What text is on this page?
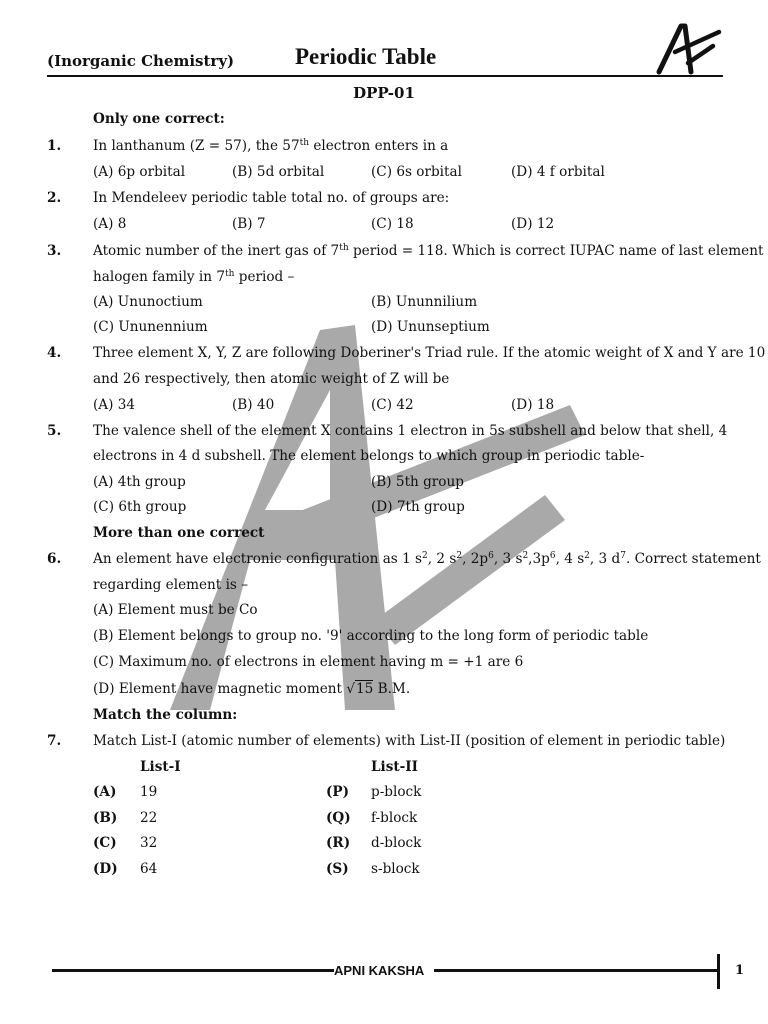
(Inorganic Chemistry)	Periodic Table
DPP-01
Only one correct:
1. In lanthanum (Z = 57), the 57th electron enters in a
(A) 6p orbital	(B) 5d orbital	(C) 6s orbital	(D) 4 f orbital
2. In Mendeleev periodic table total no. of groups are:
(A) 8	(B) 7	(C) 18	(D) 12
3. Atomic number of the inert gas of 7th period = 118. Which is correct IUPAC name of last element
halogen family in 7th period –
(A) Ununoctium	(B) Ununnilium
(C) Ununennium	(D) Ununseptium
4. Three element X, Y, Z are following Doberiner's Triad rule. If the atomic weight of X and Y are 10
and 26 respectively, then atomic weight of Z will be
(A) 34	(B) 40	(C) 42	(D) 18
5. The valence shell of the element X contains 1 electron in 5s subshell and below that shell, 4
electrons in 4 d subshell. The element belongs to which group in periodic table-
(A) 4th group	(B) 5th group
(C) 6th group	(D) 7th group
More than one correct
6. An element have electronic configuration as 1 $s^2$, 2 $s^2$, $2p^6$, 3 $s^2,3p^6$, 4 $s^2$, 3 $d^7$. Correct statement
regarding element is –
(A) Element must be Co
(B) Element belongs to group no. '9' according to the long form of periodic table
(C) Maximum no. of electrons in element having m = +1 are 6
(D) Element have magnetic moment √15 B.M.
Match the column:
7. Match List-I (atomic number of elements) with List-II (position of element in periodic table)
List-I	List-II
(A) 19	(P) p-block
(B) 22	(Q) f-block
(C) 32	(R) d-block
(D) 64	(S) s-block
APNI KAKSHA	1
